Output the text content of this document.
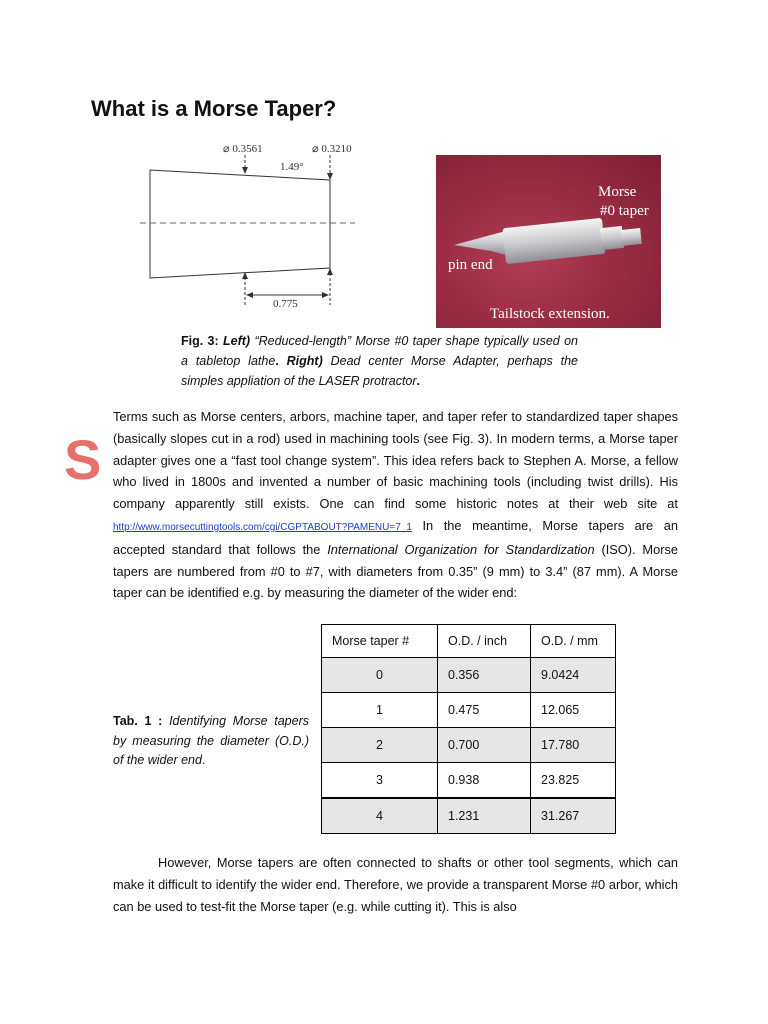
What is a Morse Taper?
⌀ 0.3561	⌀ 0.3210
1.49°
0.775
Morse
#0 taper
pin end
Tailstock extension.
Fig. 3: Left) “Reduced-length” Morse #0 taper shape typically used on a tabletop lathe. Right) Dead center Morse Adapter, perhaps the simples appliation of the LASER protractor.
S

Terms such as Morse centers, arbors, machine taper, and taper refer to standardized taper shapes (basically slopes cut in a rod) used in machining tools (see Fig. 3). In modern terms, a Morse taper adapter gives one a “fast tool change system”. This idea refers back to Stephen A. Morse, a fellow who lived in 1800s and invented a number of basic machining tools (including twist drills). His company apparently still exists. One can find some historic notes at their web site at http://www.morsecuttingtools.com/cgi/CGPTABOUT?PAMENU=7_1 In the meantime, Morse tapers are an accepted standard that follows the International Organization for Standardization (ISO). Morse tapers are numbered from #0 to #7, with diameters from 0.35” (9 mm) to 3.4” (87 mm). A Morse taper can be identified e.g. by measuring the diameter of the wider end:

Morse taper #	O.D. / inch	O.D. / mm
0	0.356	9.0424
1	0.475	12.065
2	0.700	17.780
3	0.938	23.825
4	1.231	31.267
Tab. 1 : Identifying Morse tapers by measuring the diameter (O.D.) of the wider end.

However, Morse tapers are often connected to shafts or other tool segments, which can make it difficult to identify the wider end. Therefore, we provide a transparent Morse #0 arbor, which can be used to test-fit the Morse taper (e.g. while cutting it). This is also
